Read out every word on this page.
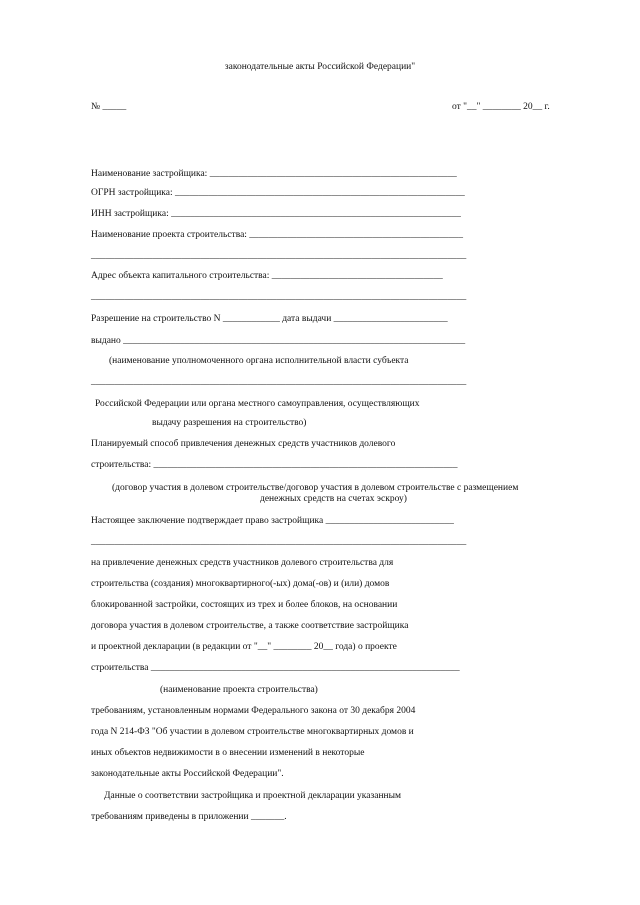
законодательные акты Российской Федерации"
№ _____	от "__" ________ 20__ г.
Наименование застройщика: ____________________________________________________
ОГРН застройщика: _____________________________________________________________
ИНН застройщика: _____________________________________________________________
Наименование проекта строительства: _____________________________________________
_______________________________________________________________________________
Адрес объекта капитального строительства: ____________________________________
_______________________________________________________________________________
Разрешение на строительство N ____________ дата выдачи ________________________
выдано ________________________________________________________________________
(наименование уполномоченного органа исполнительной власти субъекта
_______________________________________________________________________________
Российской Федерации или органа местного самоуправления, осуществляющих
выдачу разрешения на строительство)
Планируемый способ привлечения денежных средств участников долевого
строительства: ________________________________________________________________
(договор участия в долевом строительстве/договор участия в долевом строительстве с размещением
денежных средств на счетах эскроу)
Настоящее заключение подтверждает право застройщика ___________________________
_______________________________________________________________________________
на привлечение денежных средств участников долевого строительства для
строительства (создания) многоквартирного(-ых) дома(-ов) и (или) домов
блокированной застройки, состоящих из трех и более блоков, на основании
договора участия в долевом строительстве, а также соответствие застройщика
и проектной декларации (в редакции от "__" ________ 20__ года) о проекте
строительства _________________________________________________________________
(наименование проекта строительства)
требованиям, установленным нормами Федерального закона от 30 декабря 2004
года N 214-ФЗ "Об участии в долевом строительстве многоквартирных домов и
иных объектов недвижимости в о внесении изменений в некоторые
законодательные акты Российской Федерации".
Данные о соответствии застройщика и проектной декларации указанным
требованиям приведены в приложении _______.
